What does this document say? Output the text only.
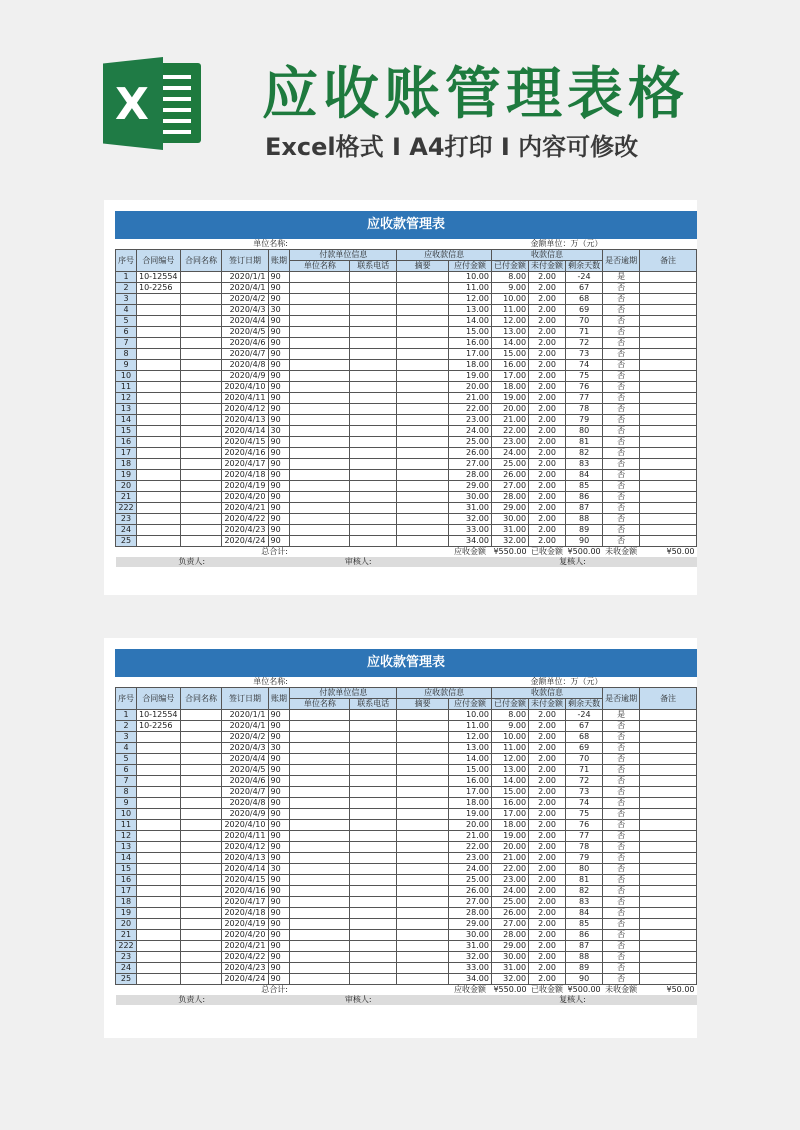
X 应收账管理表格
Excel格式 I A4打印 I 内容可修改
应收款管理表													
单位名称:										金额单位：万（元）			
序号	合同编号	合同名称	签订日期	账期	付款单位信息		应收款信息		收款信息			是否逾期	备注
					单位名称	联系电话	摘要	应付金额	已付金额	未付金额	剩余天数		
1	10-12554		2020/1/1	90				10.00	8.00	2.00	-24	是	
2	10-2256		2020/4/1	90				11.00	9.00	2.00	67	否	
3			2020/4/2	90				12.00	10.00	2.00	68	否	
4			2020/4/3	30				13.00	11.00	2.00	69	否	
5			2020/4/4	90				14.00	12.00	2.00	70	否	
6			2020/4/5	90				15.00	13.00	2.00	71	否	
7			2020/4/6	90				16.00	14.00	2.00	72	否	
8			2020/4/7	90				17.00	15.00	2.00	73	否	
9			2020/4/8	90				18.00	16.00	2.00	74	否	
10			2020/4/9	90				19.00	17.00	2.00	75	否	
11			2020/4/10	90				20.00	18.00	2.00	76	否	
12			2020/4/11	90				21.00	19.00	2.00	77	否	
13			2020/4/12	90				22.00	20.00	2.00	78	否	
14			2020/4/13	90				23.00	21.00	2.00	79	否	
15			2020/4/14	30				24.00	22.00	2.00	80	否	
16			2020/4/15	90				25.00	23.00	2.00	81	否	
17			2020/4/16	90				26.00	24.00	2.00	82	否	
18			2020/4/17	90				27.00	25.00	2.00	83	否	
19			2020/4/18	90				28.00	26.00	2.00	84	否	
20			2020/4/19	90				29.00	27.00	2.00	85	否	
21			2020/4/20	90				30.00	28.00	2.00	86	否	
222			2020/4/21	90				31.00	29.00	2.00	87	否	
23			2020/4/22	90				32.00	30.00	2.00	88	否	
24			2020/4/23	90				33.00	31.00	2.00	89	否	
25			2020/4/24	90				34.00	32.00	2.00	90	否	
总合计:								应收金额	¥550.00	已收金额	¥500.00	未收金额	¥50.00
负责人:				审核人:				复核人:					
应收款管理表													
单位名称:										金额单位：万（元）			
序号	合同编号	合同名称	签订日期	账期	付款单位信息		应收款信息		收款信息			是否逾期	备注
					单位名称	联系电话	摘要	应付金额	已付金额	未付金额	剩余天数		
1	10-12554		2020/1/1	90				10.00	8.00	2.00	-24	是	
2	10-2256		2020/4/1	90				11.00	9.00	2.00	67	否	
3			2020/4/2	90				12.00	10.00	2.00	68	否	
4			2020/4/3	30				13.00	11.00	2.00	69	否	
5			2020/4/4	90				14.00	12.00	2.00	70	否	
6			2020/4/5	90				15.00	13.00	2.00	71	否	
7			2020/4/6	90				16.00	14.00	2.00	72	否	
8			2020/4/7	90				17.00	15.00	2.00	73	否	
9			2020/4/8	90				18.00	16.00	2.00	74	否	
10			2020/4/9	90				19.00	17.00	2.00	75	否	
11			2020/4/10	90				20.00	18.00	2.00	76	否	
12			2020/4/11	90				21.00	19.00	2.00	77	否	
13			2020/4/12	90				22.00	20.00	2.00	78	否	
14			2020/4/13	90				23.00	21.00	2.00	79	否	
15			2020/4/14	30				24.00	22.00	2.00	80	否	
16			2020/4/15	90				25.00	23.00	2.00	81	否	
17			2020/4/16	90				26.00	24.00	2.00	82	否	
18			2020/4/17	90				27.00	25.00	2.00	83	否	
19			2020/4/18	90				28.00	26.00	2.00	84	否	
20			2020/4/19	90				29.00	27.00	2.00	85	否	
21			2020/4/20	90				30.00	28.00	2.00	86	否	
222			2020/4/21	90				31.00	29.00	2.00	87	否	
23			2020/4/22	90				32.00	30.00	2.00	88	否	
24			2020/4/23	90				33.00	31.00	2.00	89	否	
25			2020/4/24	90				34.00	32.00	2.00	90	否	
总合计:								应收金额	¥550.00	已收金额	¥500.00	未收金额	¥50.00
负责人:				审核人:				复核人:					
